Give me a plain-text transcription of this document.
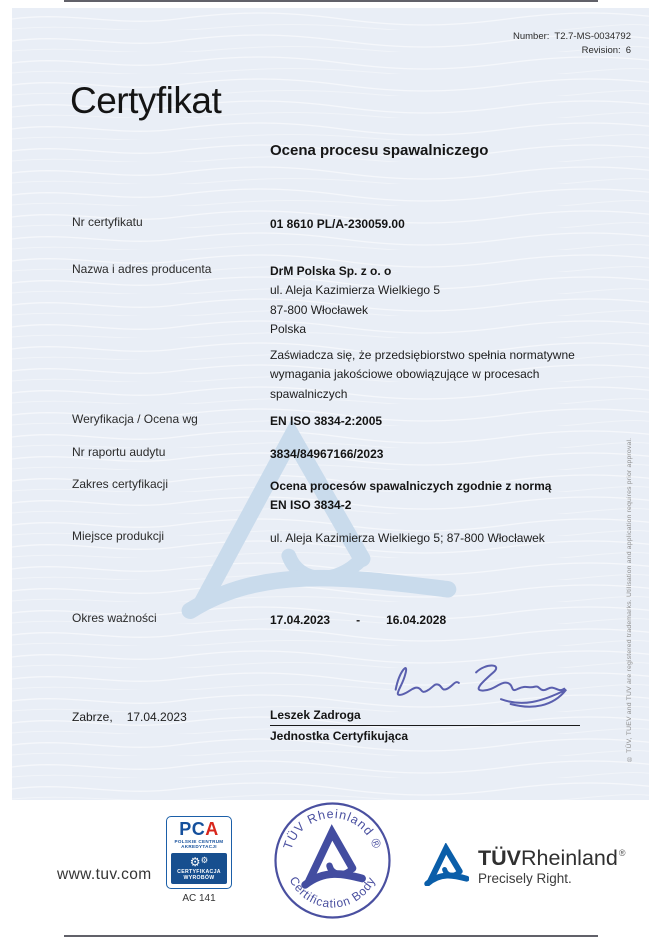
Number: T2.7-MS-0034792
Revision: 6
Certyfikat
Ocena procesu spawalniczego
Nr certyfikatu	01 8610 PL/A-230059.00
Nazwa i adres producenta	DrM Polska Sp. z o. o
ul. Aleja Kazimierza Wielkiego 5
87-800 Włocławek
Polska
Zaświadcza się, że przedsiębiorstwo spełnia normatywne
wymagania jakościowe obowiązujące w procesach
spawalniczych
Weryfikacja / Ocena wg	EN ISO 3834-2:2005
Nr raportu audytu	3834/84967166/2023
Zakres certyfikacji	Ocena procesów spawalniczych zgodnie z normą
EN ISO 3834-2
Miejsce produkcji	ul. Aleja Kazimierza Wielkiego 5; 87-800 Włocławek
Okres ważności	17.04.2023 - 16.04.2028
Zabrze, 17.04.2023	Leszek Zadroga
Jednostka Certyfikująca
www.tuv.com
PCA
POLSKIE CENTRUM
AKREDYTACJI
⚙⚙
CERTYFIKACJA
WYROBÓW
AC 141
TÜV Rheinland ®
Certification Body
TÜVRheinland®
Precisely Right.
® TÜV, TUEV and TUV are registered trademarks. Utilisation and application requires prior approval.
